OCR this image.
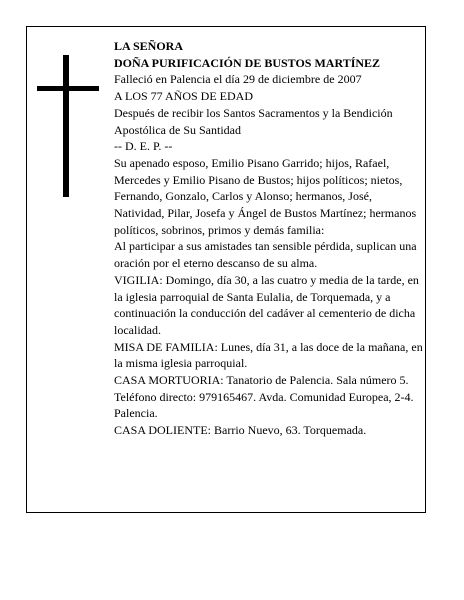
LA SEÑORA

DOÑA PURIFICACIÓN DE BUSTOS MARTÍNEZ

Falleció en Palencia el día 29 de diciembre de 2007

A LOS 77 AÑOS DE EDAD

Después de recibir los Santos Sacramentos y la Bendición Apostólica de Su Santidad

-- D. E. P. --

Su apenado esposo, Emilio Pisano Garrido; hijos, Rafael, Mercedes y Emilio Pisano de Bustos; hijos políticos; nietos, Fernando, Gonzalo, Carlos y Alonso; hermanos, José, Natividad, Pilar, Josefa y Ángel de Bustos Martínez; hermanos políticos, sobrinos, primos y demás familia:

Al participar a sus amistades tan sensible pérdida, suplican una oración por el eterno descanso de su alma.

VIGILIA: Domingo, día 30, a las cuatro y media de la tarde, en la iglesia parroquial de Santa Eulalia, de Torquemada, y a continuación la conducción del cadáver al cementerio de dicha localidad.

MISA DE FAMILIA: Lunes, día 31, a las doce de la mañana, en la misma iglesia parroquial.

CASA MORTUORIA: Tanatorio de Palencia. Sala número 5. Teléfono directo: 979165467. Avda. Comunidad Europea, 2-4. Palencia.

CASA DOLIENTE: Barrio Nuevo, 63. Torquemada.
